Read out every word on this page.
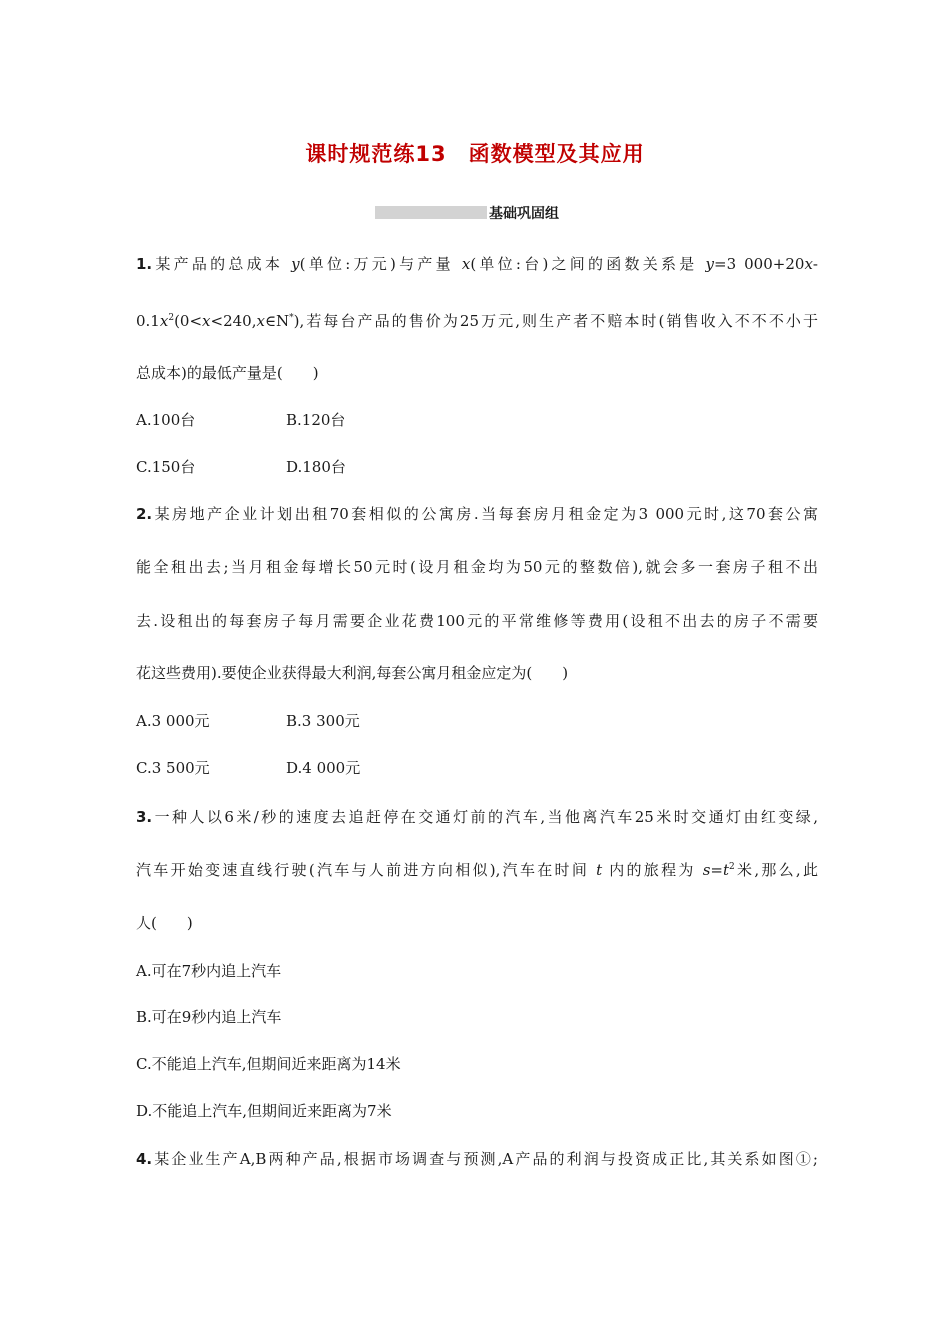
课时规范练13　函数模型及其应用
基础巩固组
1.某产品的总成本 y(单位:万元)与产量 x(单位:台)之间的函数关系是 y=3 000+20x-
$0.1x^2(0<x<240,x\in N^*)$,若每台产品的售价为25万元,则生产者不赔本时(销售收入不不不小于
总成本)的最低产量是(　　)
A.100台	B.120台
C.150台	D.180台
2.某房地产企业计划出租70套相似的公寓房.当每套房月租金定为3 000元时,这70套公寓
能全租出去;当月租金每增长50元时(设月租金均为50元的整数倍),就会多一套房子租不出
去.设租出的每套房子每月需要企业花费100元的平常维修等费用(设租不出去的房子不需要
花这些费用).要使企业获得最大利润,每套公寓月租金应定为(　　)
A.3 000元	B.3 300元
C.3 500元	D.4 000元
3.一种人以6米/秒的速度去追赶停在交通灯前的汽车,当他离汽车25米时交通灯由红变绿,
汽车开始变速直线行驶(汽车与人前进方向相似),汽车在时间 t 内的旅程为 $s=t^2$米,那么,此
人(　　)
A.可在7秒内追上汽车
B.可在9秒内追上汽车
C.不能追上汽车,但期间近来距离为14米
D.不能追上汽车,但期间近来距离为7米
4.某企业生产A,B两种产品,根据市场调查与预测,A产品的利润与投资成正比,其关系如图①;
